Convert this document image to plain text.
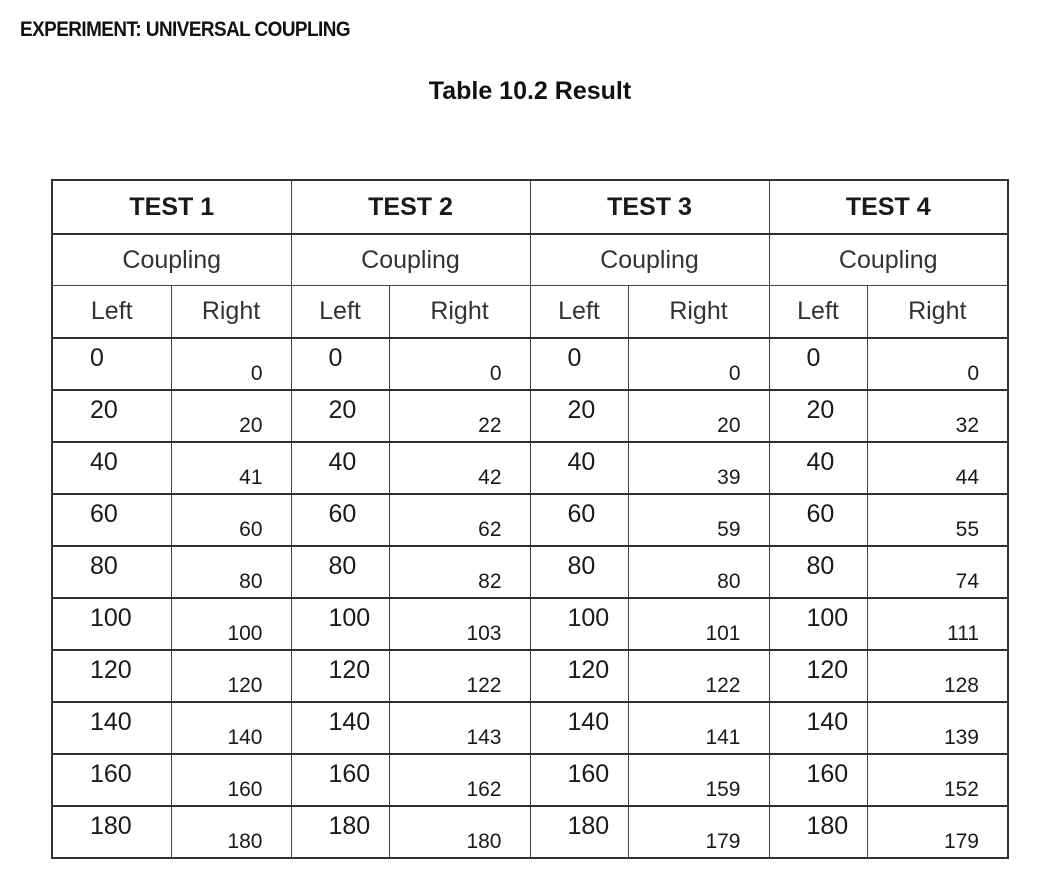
EXPERIMENT: UNIVERSAL COUPLING
Table 10.2 Result
TEST 1		TEST 2		TEST 3		TEST 4	
Coupling		Coupling		Coupling		Coupling	
Left	Right	Left	Right	Left	Right	Left	Right

0	0	0	0	0	0	0	0

20	20	20	22	20	20	20	32

40	41	40	42	40	39	40	44

60	60	60	62	60	59	60	55

80	80	80	82	80	80	80	74

100	100	100	103	100	101	100	111

120	120	120	122	120	122	120	128

140	140	140	143	140	141	140	139

160	160	160	162	160	159	160	152

180	180	180	180	180	179	180	179
